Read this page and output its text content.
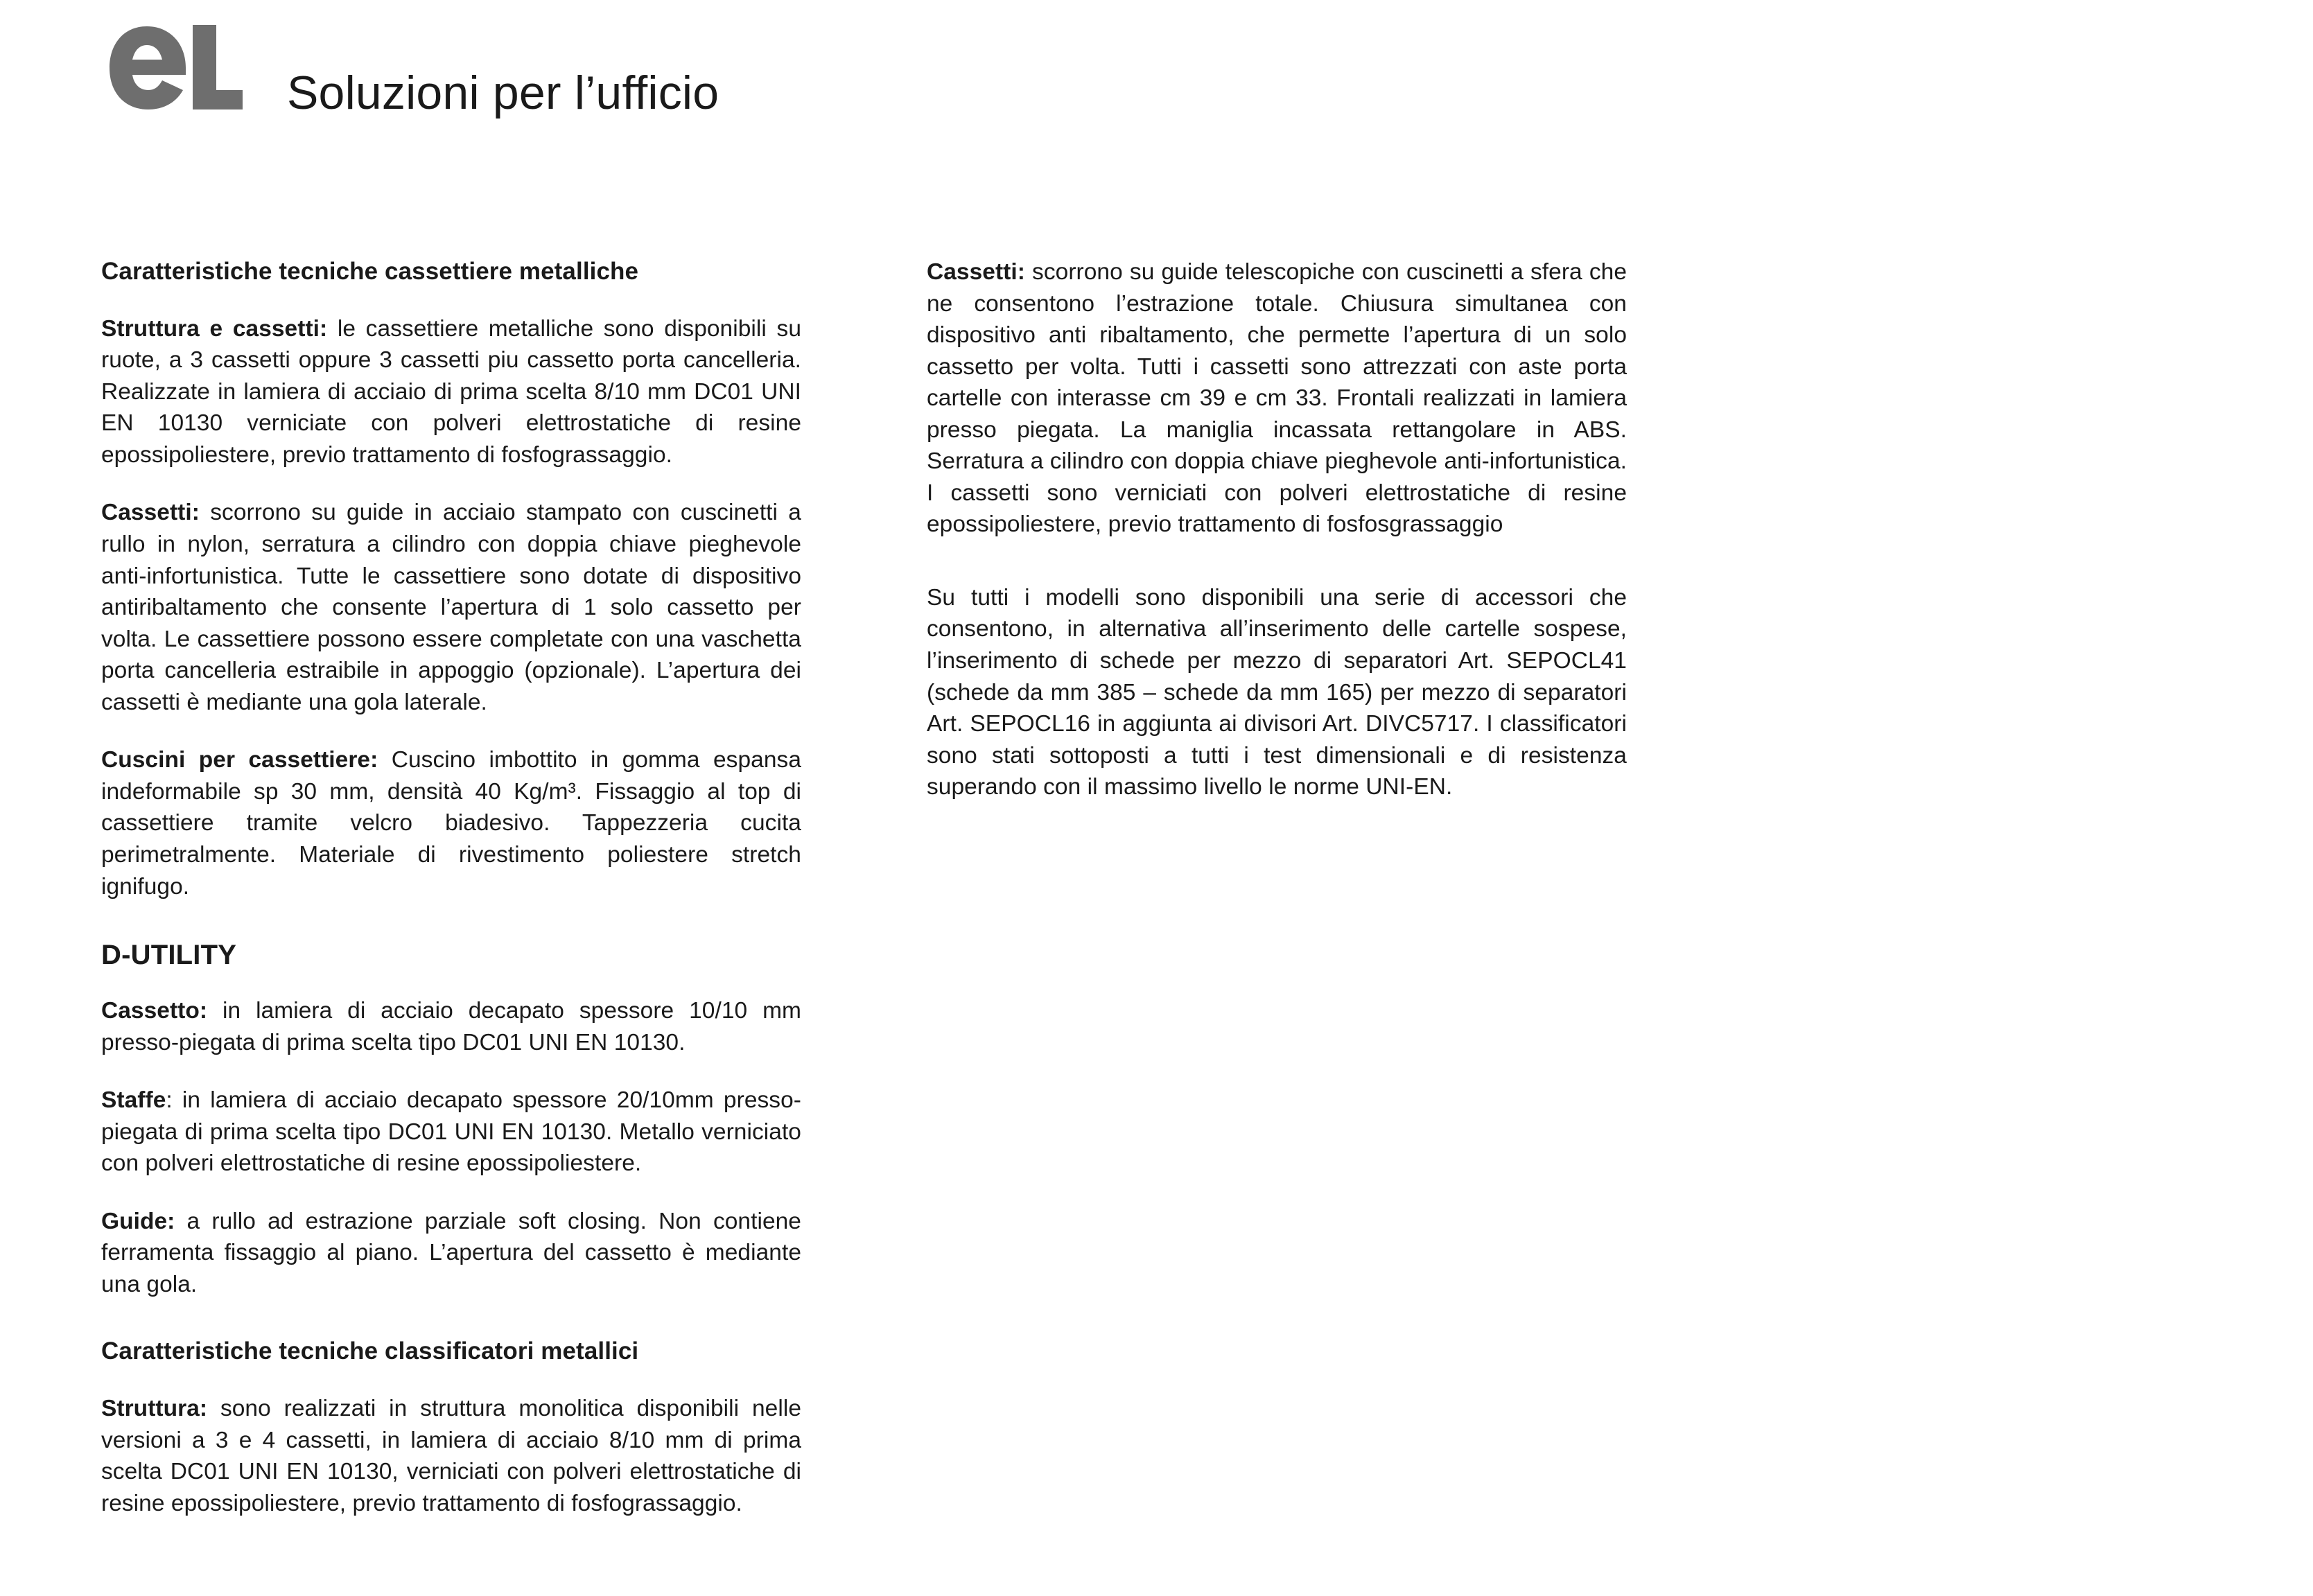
Soluzioni per l’ufficio
Caratteristiche tecniche cassettiere metalliche

Struttura e cassetti: le cassettiere metalliche sono disponibili su ruote, a 3 cassetti oppure 3 cassetti piu cassetto porta cancelleria. Realizzate in lamiera di acciaio di prima scelta 8/10 mm DC01 UNI EN 10130 verniciate con polveri elettrostatiche di resine epossipoliestere, previo trattamento di fosfograssaggio.

Cassetti: scorrono su guide in acciaio stampato con cuscinetti a rullo in nylon, serratura a cilindro con doppia chiave pieghevole anti-infortunistica. Tutte le cassettiere sono dotate di dispositivo antiribaltamento che consente l’apertura di 1 solo cassetto per volta. Le cassettiere possono essere completate con una vaschetta porta cancelleria estraibile in appoggio (opzionale). L’apertura dei cassetti è mediante una gola laterale.

Cuscini per cassettiere: Cuscino imbottito in gomma espansa indeformabile sp 30 mm, densità 40 Kg/m³. Fissaggio al top di cassettiere tramite velcro biadesivo. Tappezzeria cucita perimetralmente. Materiale di rivestimento poliestere stretch ignifugo.

D-UTILITY

Cassetto: in lamiera di acciaio decapato spessore 10/10 mm presso-piegata di prima scelta tipo DC01 UNI EN 10130.

Staffe: in lamiera di acciaio decapato spessore 20/10mm presso-piegata di prima scelta tipo DC01 UNI EN 10130. Metallo verniciato con polveri elettrostatiche di resine epossipoliestere.

Guide: a rullo ad estrazione parziale soft closing. Non contiene ferramenta fissaggio al piano. L’apertura del cassetto è mediante una gola.

Caratteristiche tecniche classificatori metallici

Struttura: sono realizzati in struttura monolitica disponibili nelle versioni a 3 e 4 cassetti, in lamiera di acciaio 8/10 mm di prima scelta DC01 UNI EN 10130, verniciati con polveri elettrostatiche di resine epossipoliestere, previo trattamento di fosfograssaggio.

Cassetti: scorrono su guide telescopiche con cuscinetti a sfera che ne consentono l’estrazione totale. Chiusura simultanea con dispositivo anti ribaltamento, che permette l’apertura di un solo cassetto per volta. Tutti i cassetti sono attrezzati con aste porta cartelle con interasse cm 39 e cm 33. Frontali realizzati in lamiera presso piegata. La maniglia incassata rettangolare in ABS. Serratura a cilindro con doppia chiave pieghevole anti-infortunistica. I cassetti sono verniciati con polveri elettrostatiche di resine epossipoliestere, previo trattamento di fosfosgrassaggio

Su tutti i modelli sono disponibili una serie di accessori che consentono, in alternativa all’inserimento delle cartelle sospese, l’inserimento di schede per mezzo di separatori Art. SEPOCL41 (schede da mm 385 – schede da mm 165) per mezzo di separatori Art. SEPOCL16 in aggiunta ai divisori Art. DIVC5717. I classificatori sono stati sottoposti a tutti i test dimensionali e di resistenza superando con il massimo livello le norme UNI-EN.
